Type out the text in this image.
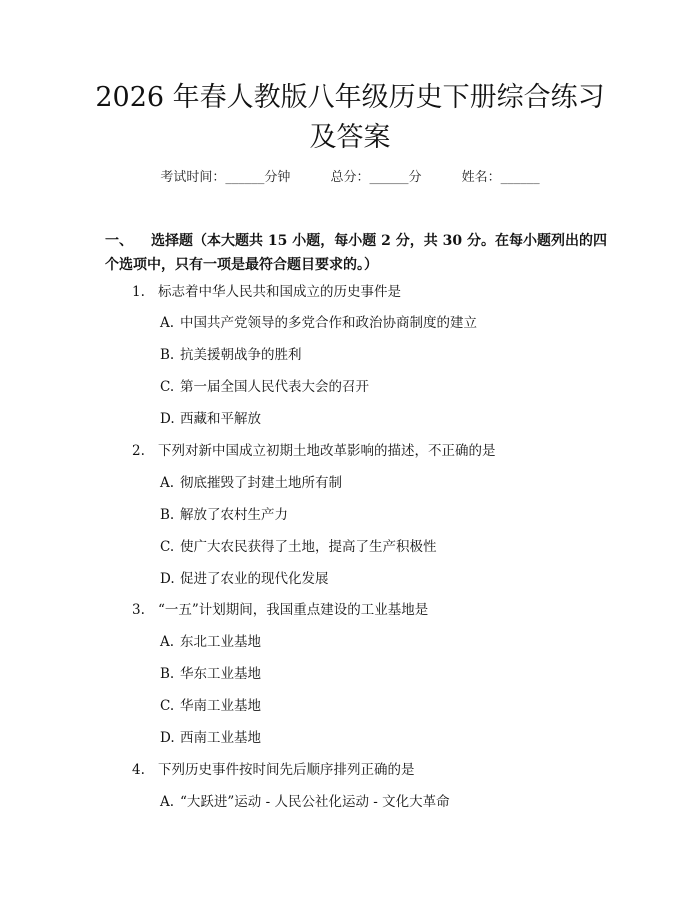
2026 年春人教版八年级历史下册综合练习及答案
考试时间：______分钟	总分：______分	姓名：______
一、 选择题（本大题共 15 小题，每小题 2 分，共 30 分。在每小题列出的四个选项中，只有一项是最符合题目要求的。）
1. 标志着中华人民共和国成立的历史事件是
A. 中国共产党领导的多党合作和政治协商制度的建立
B. 抗美援朝战争的胜利
C. 第一届全国人民代表大会的召开
D. 西藏和平解放
2. 下列对新中国成立初期土地改革影响的描述，不正确的是
A. 彻底摧毁了封建土地所有制
B. 解放了农村生产力
C. 使广大农民获得了土地，提高了生产积极性
D. 促进了农业的现代化发展
3. “一五”计划期间，我国重点建设的工业基地是
A. 东北工业基地
B. 华东工业基地
C. 华南工业基地
D. 西南工业基地
4. 下列历史事件按时间先后顺序排列正确的是
A. “大跃进”运动 - 人民公社化运动 - 文化大革命
